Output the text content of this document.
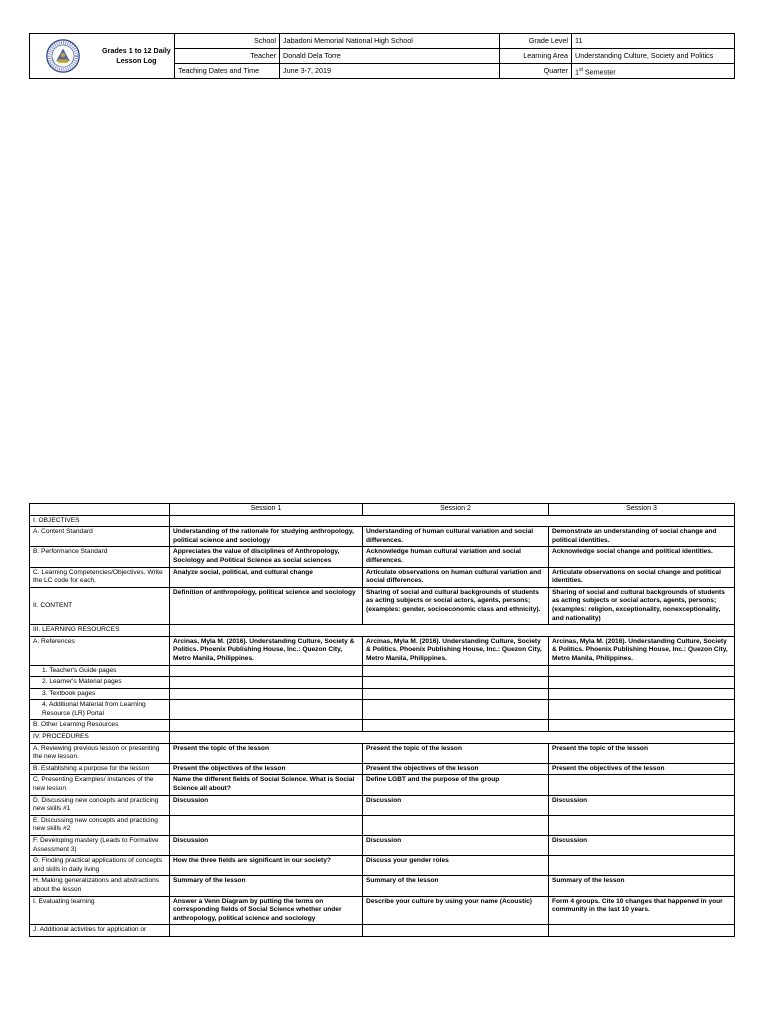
Grades 1 to 12 Daily
Lesson Log	School	Jabadoni Memorial National High School	Grade Level	11
	Teacher	Donald Dela Torre	Learning Area	Understanding Culture, Society and Politics
	Teaching Dates and Time	June 3-7, 2019	Quarter	1st Semester
	Session 1	Session 2	Session 3
I. OBJECTIVES			
A. Content Standard	Understanding of the rationale for studying anthropology, political science and sociology	Understanding of human cultural variation and social differences.	Demonstrate an understanding of social change and political identities.
B. Performance Standard	Appreciates the value of disciplines of Anthropology, Sociology and Political Science as social sciences	Acknowledge human cultural variation and social differences.	Acknowledge social change and political identities.
C. Learning Competencies/Objectives. Write the LC code for each.	Analyze social, political, and cultural change	Articulate observations on human cultural variation and social differences.	Articulate observations on social change and political identities.
II. CONTENT	Definition of anthropology, political science and sociology	Sharing of social and cultural backgrounds of students as acting subjects or social actors, agents, persons; (examples: gender, socioeconomic class and ethnicity).	Sharing of social and cultural backgrounds of students as acting subjects or social actors, agents, persons; (examples: religion, exceptionality, nonexceptionality, and nationality)
III. LEARNING RESOURCES			
A. References	Arcinas, Myla M. (2016). Understanding Culture, Society & Politics. Phoenix Publishing House, Inc.: Quezon City, Metro Manila, Philippines.	Arcinas, Myla M. (2016). Understanding Culture, Society & Politics. Phoenix Publishing House, Inc.: Quezon City, Metro Manila, Philippines.	Arcinas, Myla M. (2016). Understanding Culture, Society & Politics. Phoenix Publishing House, Inc.: Quezon City, Metro Manila, Philippines.
1. Teacher's Guide pages			
2. Learner's Material pages			
3. Textbook pages			
4. Additional Material from Learning Resource (LR) Portal			
B. Other Learning Resources			
IV. PROCEDURES			
A. Reviewing previous lesson or presenting the new lesson.	Present the topic of the lesson	Present the topic of the lesson	Present the topic of the lesson
B. Establishing a purpose for the lesson	Present the objectives of the lesson	Present the objectives of the lesson	Present the objectives of the lesson
C. Presenting Examples/ instances of the new lesson	Name the different fields of Social Science. What is Social Science all about?	Define LGBT and the purpose of the group	
D. Discussing new concepts and practicing new skills #1	Discussion	Discussion	Discussion
E. Discussing new concepts and practicing new skills #2			
F. Developing mastery (Leads to Formative Assessment 3)	Discussion	Discussion	Discussion
G. Finding practical applications of concepts and skills in daily living	How the three fields are significant in our society?	Discuss your gender roles	
H. Making generalizations and abstractions about the lesson	Summary of the lesson	Summary of the lesson	Summary of the lesson
I. Evaluating learning	Answer a Venn Diagram by putting the terms on corresponding fields of Social Science whether under anthropology, political science and sociology	Describe your culture by using your name (Acoustic)	Form 4 groups. Cite 10 changes that happened in your community in the last 10 years.
J. Additional activities for application or			
